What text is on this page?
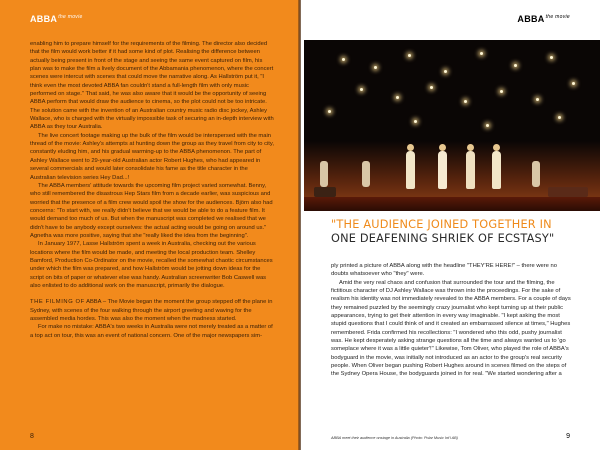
$ABBA^{the movie}$

enabling him to prepare himself for the requirements of the filming. The director also decided that the film would work better if it had some kind of plot. Realising the difference between actually being present in front of the stage and seeing the same event captured on film, his plan was to make the film a lively document of the Abbamania phenomenon, where the concert scenes were intercut with scenes that could move the narrative along. As Hallström put it, "I think even the most devoted ABBA fan couldn't stand a full-length film with only music performed on stage." That said, he was also aware that it would be the opportunity of seeing ABBA perform that would draw the audience to cinema, so the plot could not be too intricate. The solution came with the invention of an Australian country music radio disc jockey, Ashley Wallace, who is charged with the virtually impossible task of securing an in-depth interview with ABBA as they tour Australia.

The live concert footage making up the bulk of the film would be interspersed with the main thread of the movie: Ashley's attempts at hunting down the group as they travel from city to city, constantly eluding him, and his gradual warming-up to the ABBA phenomenon. The part of Ashley Wallace went to 29-year-old Australian actor Robert Hughes, who had appeared in several commercials and would later consolidate his fame as the title character in the Australian television series Hey Dad...!

The ABBA members' attitude towards the upcoming film project varied somewhat. Benny, who still remembered the disastrous Hep Stars film from a decade earlier, was suspicious and worried that the presence of a film crew would spoil the show for the audiences. Björn also had concerns: "To start with, we really didn't believe that we would be able to do a feature film. It would demand too much of us. But when the manuscript was completed we realised that we didn't have to be anybody except ourselves: the actual acting would be going on around us." Agnetha was more positive, saying that she "really liked the idea from the beginning".

In January 1977, Lasse Hallström spent a week in Australia, checking out the various locations where the film would be made, and meeting the local production team. Shelley Bamford, Production Co-Ordinator on the movie, recalled the somewhat chaotic circumstances under which the film was prepared, and how Hallström would be jotting down ideas for the script on bits of paper or whatever else was handy. Australian screenwriter Bob Caswell was also enlisted to do additional work on the manuscript, primarily the dialogue.

THE FILMING OF ABBA – The Movie began the moment the group stepped off the plane in Sydney, with scenes of the four walking through the airport greeting and waving for the assembled media hordes. This was also the moment when the madness started.

For make no mistake: ABBA's two weeks in Australia were not merely treated as a matter of a top act on tour, this was an event of national concern. One of the major newspapers sim-

8
$ABBA^{the movie}$
"THE AUDIENCE JOINED TOGETHER IN
ONE DEAFENING SHRIEK OF ECSTASY"

ply printed a picture of ABBA along with the headline "THEY'RE HERE!" – there were no doubts whatsoever who "they" were.

Amid the very real chaos and confusion that surrounded the tour and the filming, the fictitious character of DJ Ashley Wallace was thrown into the proceedings. For the sake of realism his identity was not immediately revealed to the ABBA members. For a couple of days they remained puzzled by the seemingly crazy journalist who kept turning up at their public appearances, trying to get their attention in every way imaginable. "I kept asking the most stupid questions that I could think of and it created an embarrassed silence at times," Hughes remembered. Frida confirmed his recollections: "I wondered who this odd, pushy journalist was. He kept desperately asking strange questions all the time and always wanted us to 'go someplace where it was a little quieter'!" Likewise, Tom Oliver, who played the role of ABBA's bodyguard in the movie, was initially not introduced as an actor to the group's real security people. When Oliver began pushing Robert Hughes around in scenes filmed on the steps of the Sydney Opera House, the bodyguards joined in for real. "We started wondering after a

ABBA meet their audience onstage in Australia (Photo: Polar Music Int'l AB)	9
